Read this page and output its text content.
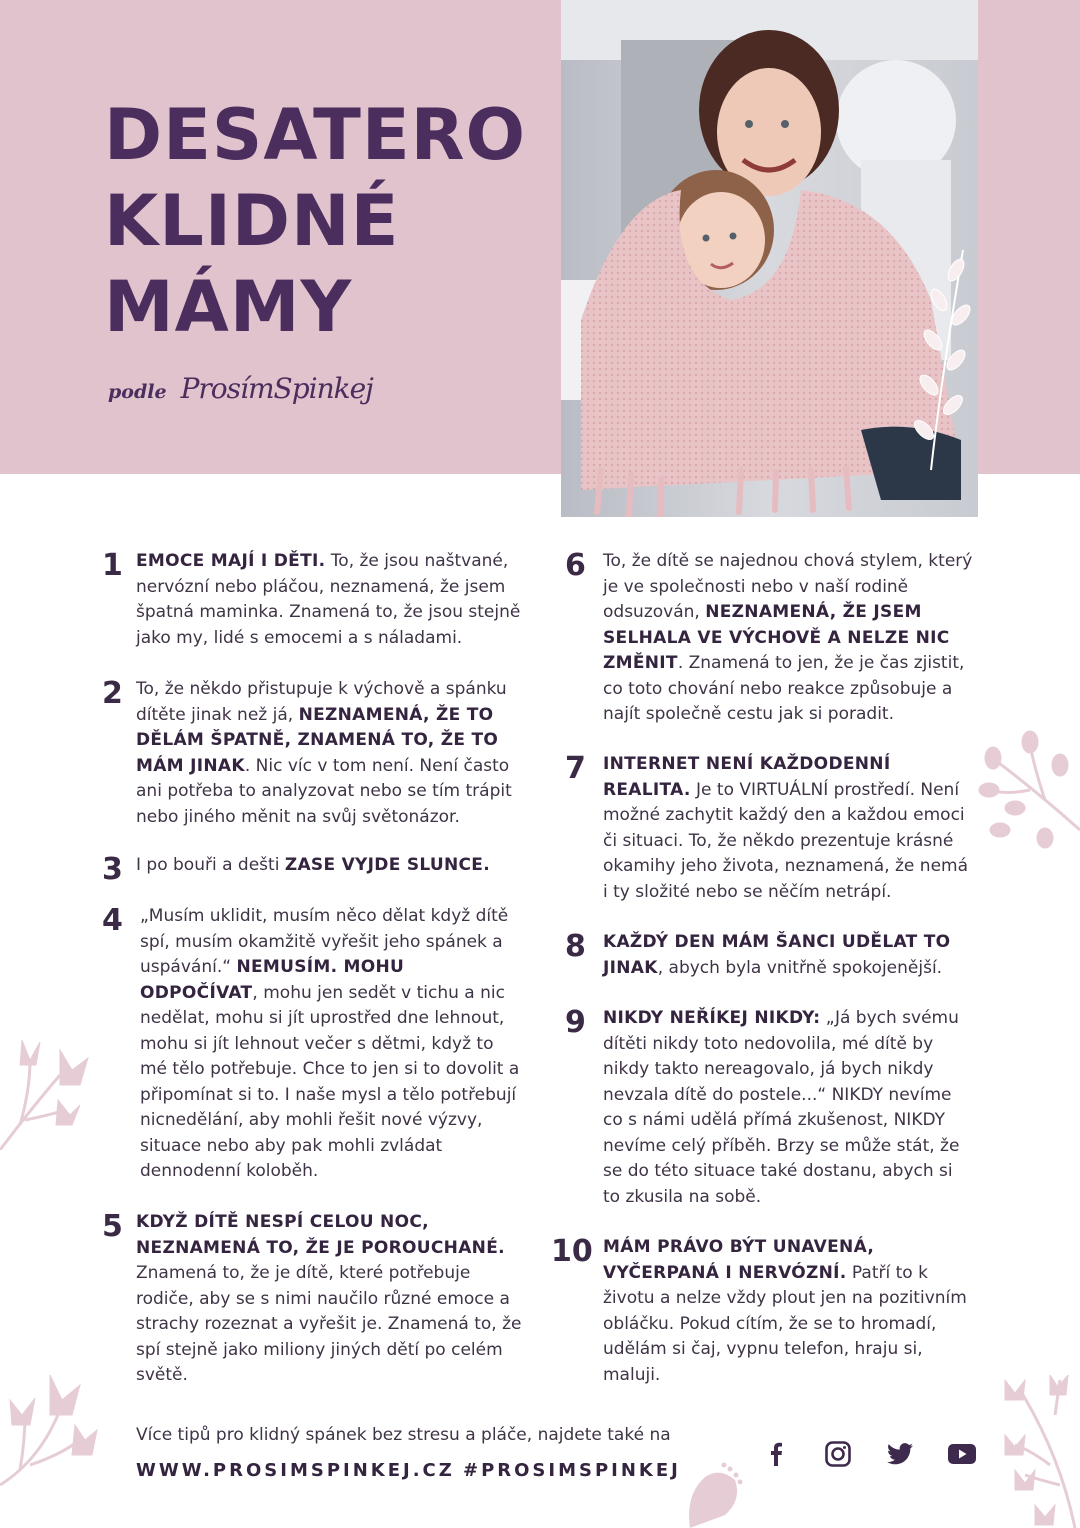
DESATERO
KLIDNÉ
MÁMY
podle ProsímSpinkej
1 EMOCE MAJÍ I DĚTI. To, že jsou naštvané, nervózní nebo pláčou, neznamená, že jsem špatná maminka. Znamená to, že jsou stejně jako my, lidé s emocemi a s náladami.
2 To, že někdo přistupuje k výchově a spánku dítěte jinak než já, NEZNAMENÁ, ŽE TO DĚLÁM ŠPATNĚ, ZNAMENÁ TO, ŽE TO MÁM JINAK. Nic víc v tom není. Není často ani potřeba to analyzovat nebo se tím trápit nebo jiného měnit na svůj světonázor.
3 I po bouři a dešti ZASE VYJDE SLUNCE.
4 „Musím uklidit, musím něco dělat když dítě spí, musím okamžitě vyřešit jeho spánek a uspávání.“ NEMUSÍM. MOHU ODPOČÍVAT, mohu jen sedět v tichu a nic nedělat, mohu si jít uprostřed dne lehnout, mohu si jít lehnout večer s dětmi, když to mé tělo potřebuje. Chce to jen si to dovolit a připomínat si to. I naše mysl a tělo potřebují nicnedělání, aby mohli řešit nové výzvy, situace nebo aby pak mohli zvládat dennodenní koloběh.
5 KDYŽ DÍTĚ NESPÍ CELOU NOC, NEZNAMENÁ TO, ŽE JE POROUCHANÉ. Znamená to, že je dítě, které potřebuje rodiče, aby se s nimi naučilo různé emoce a strachy rozeznat a vyřešit je. Znamená to, že spí stejně jako miliony jiných dětí po celém světě.
6 To, že dítě se najednou chová stylem, který je ve společnosti nebo v naší rodině odsuzován, NEZNAMENÁ, ŽE JSEM SELHALA VE VÝCHOVĚ A NELZE NIC ZMĚNIT. Znamená to jen, že je čas zjistit, co toto chování nebo reakce způsobuje a najít společně cestu jak si poradit.
7 INTERNET NENÍ KAŽDODENNÍ REALITA. Je to VIRTUÁLNÍ prostředí. Není možné zachytit každý den a každou emoci či situaci. To, že někdo prezentuje krásné okamihy jeho života, neznamená, že nemá i ty složité nebo se něčím netrápí.
8 KAŽDÝ DEN MÁM ŠANCI UDĚLAT TO JINAK, abych byla vnitřně spokojenější.
9 NIKDY NEŘÍKEJ NIKDY: „Já bych svému dítěti nikdy toto nedovolila, mé dítě by nikdy takto nereagovalo, já bych nikdy nevzala dítě do postele...“ NIKDY nevíme co s námi udělá přímá zkušenost, NIKDY nevíme celý příběh. Brzy se může stát, že se do této situace také dostanu, abych si to zkusila na sobě.
10 MÁM PRÁVO BÝT UNAVENÁ, VYČERPANÁ I NERVÓZNÍ. Patří to k životu a nelze vždy plout jen na pozitivním obláčku. Pokud cítím, že se to hromadí, udělám si čaj, vypnu telefon, hraju si, maluji.
Více tipů pro klidný spánek bez stresu a pláče, najdete také na
WWW.PROSIMSPINKEJ.CZ #PROSIMSPINKEJ
